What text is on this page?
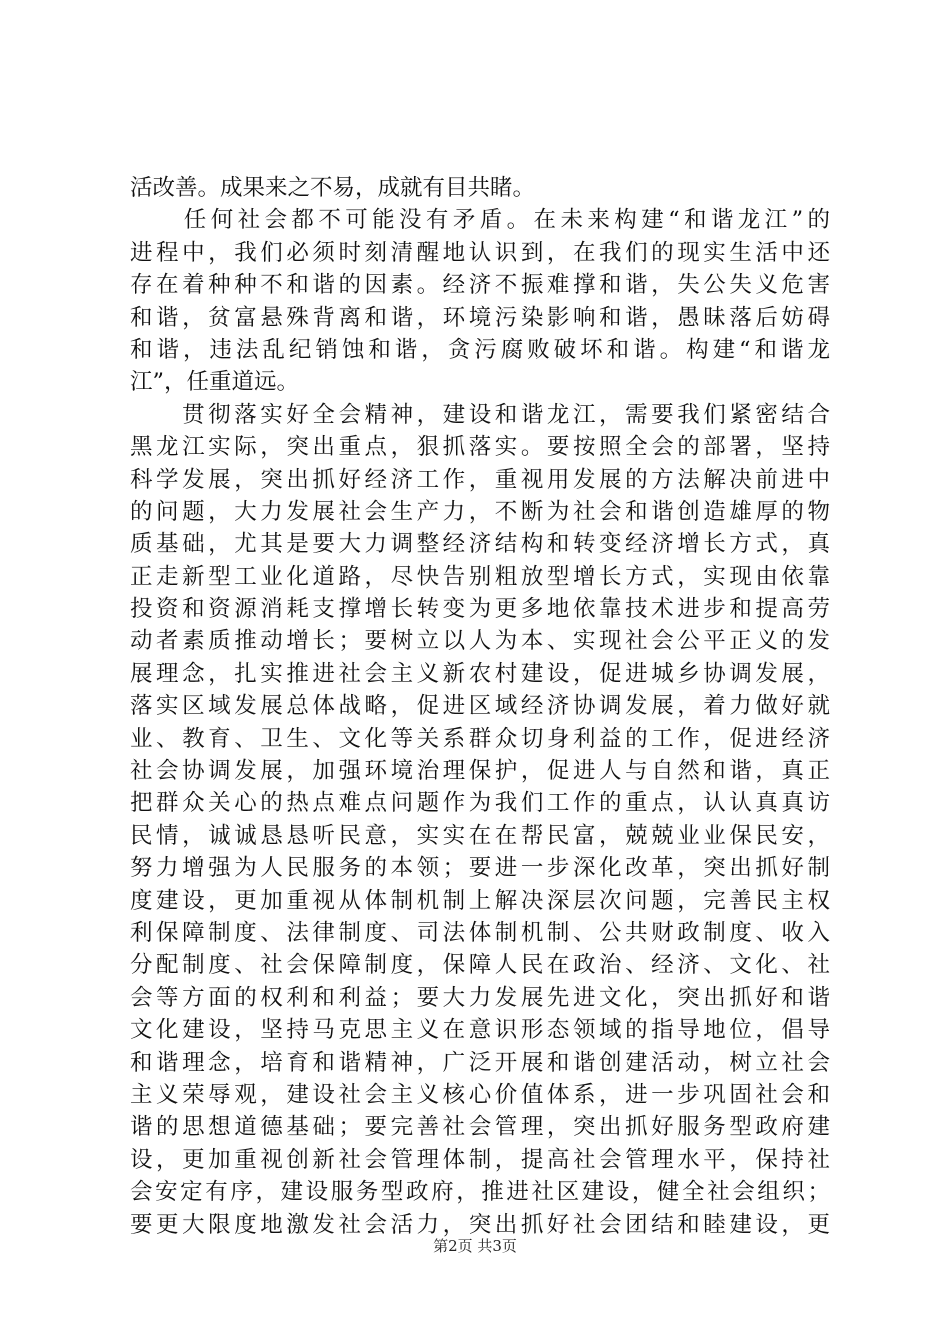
活改善。成果来之不易，成就有目共睹。
　　任何社会都不可能没有矛盾。在未来构建“和谐龙江”的
进程中，我们必须时刻清醒地认识到，在我们的现实生活中还
存在着种种不和谐的因素。经济不振难撑和谐，失公失义危害
和谐，贫富悬殊背离和谐，环境污染影响和谐，愚昧落后妨碍
和谐，违法乱纪销蚀和谐，贪污腐败破坏和谐。构建“和谐龙
江”，任重道远。
　　贯彻落实好全会精神，建设和谐龙江，需要我们紧密结合
黑龙江实际，突出重点，狠抓落实。要按照全会的部署，坚持
科学发展，突出抓好经济工作，重视用发展的方法解决前进中
的问题，大力发展社会生产力，不断为社会和谐创造雄厚的物
质基础，尤其是要大力调整经济结构和转变经济增长方式，真
正走新型工业化道路，尽快告别粗放型增长方式，实现由依靠
投资和资源消耗支撑增长转变为更多地依靠技术进步和提高劳
动者素质推动增长；要树立以人为本、实现社会公平正义的发
展理念，扎实推进社会主义新农村建设，促进城乡协调发展，
落实区域发展总体战略，促进区域经济协调发展，着力做好就
业、教育、卫生、文化等关系群众切身利益的工作，促进经济
社会协调发展，加强环境治理保护，促进人与自然和谐，真正
把群众关心的热点难点问题作为我们工作的重点，认认真真访
民情，诚诚恳恳听民意，实实在在帮民富，兢兢业业保民安，
努力增强为人民服务的本领；要进一步深化改革，突出抓好制
度建设，更加重视从体制机制上解决深层次问题，完善民主权
利保障制度、法律制度、司法体制机制、公共财政制度、收入
分配制度、社会保障制度，保障人民在政治、经济、文化、社
会等方面的权利和利益；要大力发展先进文化，突出抓好和谐
文化建设，坚持马克思主义在意识形态领域的指导地位，倡导
和谐理念，培育和谐精神，广泛开展和谐创建活动，树立社会
主义荣辱观，建设社会主义核心价值体系，进一步巩固社会和
谐的思想道德基础；要完善社会管理，突出抓好服务型政府建
设，更加重视创新社会管理体制，提高社会管理水平，保持社
会安定有序，建设服务型政府，推进社区建设，健全社会组织；
要更大限度地激发社会活力，突出抓好社会团结和睦建设，更
第2页 共3页
